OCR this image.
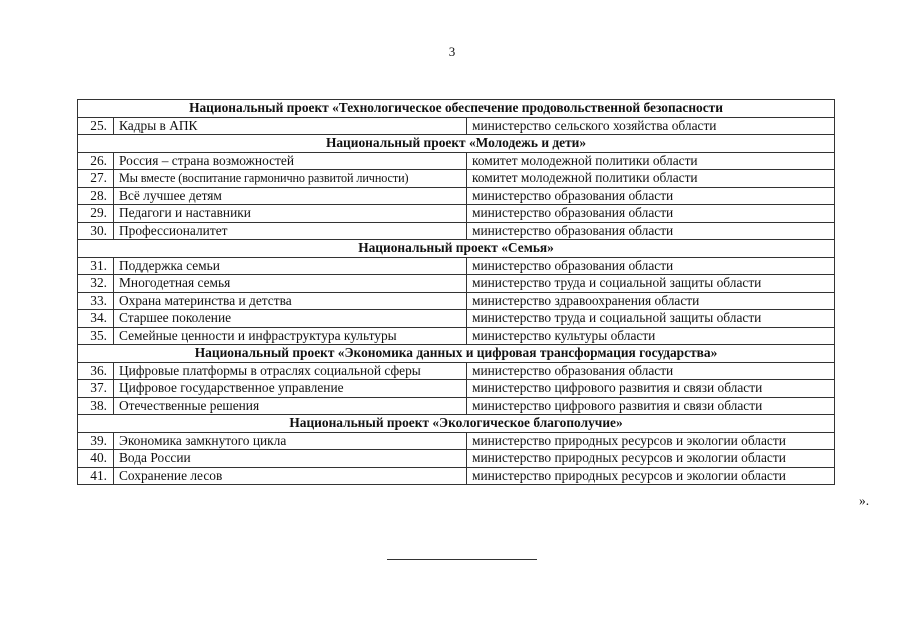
3
Национальный проект «Технологическое обеспечение продовольственной безопасности		
25.	Кадры в АПК	министерство сельского хозяйства области
Национальный проект «Молодежь и дети»		
26.	Россия – страна возможностей	комитет молодежной политики области
27.	Мы вместе (воспитание гармонично развитой личности)	комитет молодежной политики области
28.	Всё лучшее детям	министерство образования области
29.	Педагоги и наставники	министерство образования области
30.	Профессионалитет	министерство образования области
Национальный проект «Семья»		
31.	Поддержка семьи	министерство образования области
32.	Многодетная семья	министерство труда и социальной защиты области
33.	Охрана материнства и детства	министерство здравоохранения области
34.	Старшее поколение	министерство труда и социальной защиты области
35.	Семейные ценности и инфраструктура культуры	министерство культуры области
Национальный проект «Экономика данных и цифровая трансформация государства»		
36.	Цифровые платформы в отраслях социальной сферы	министерство образования области
37.	Цифровое государственное управление	министерство цифрового развития и связи области
38.	Отечественные решения	министерство цифрового развития и связи области
Национальный проект «Экологическое благополучие»		
39.	Экономика замкнутого цикла	министерство природных ресурсов и экологии области
40.	Вода России	министерство природных ресурсов и экологии области
41.	Сохранение лесов	министерство природных ресурсов и экологии области
».
